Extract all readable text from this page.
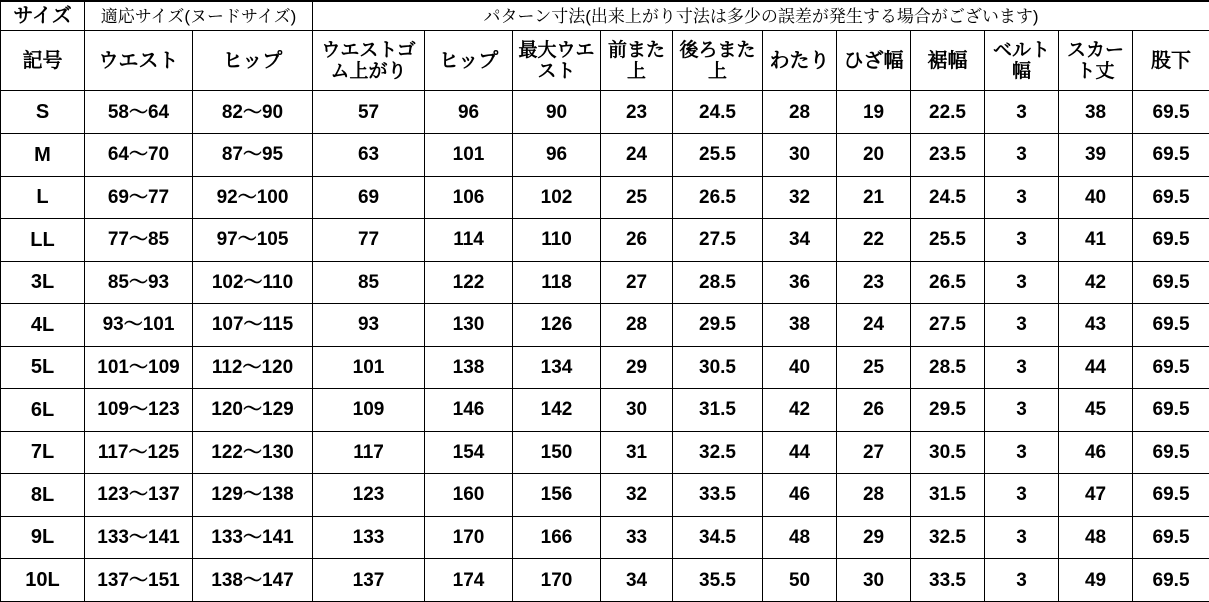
サイズ	適応サイズ(ヌードサイズ)		パターン寸法(出来上がり寸法は多少の誤差が発生する場合がございます)										
記号	ウエスト	ヒップ	ウエストゴム上がり	ヒップ	最大ウエスト	前また上	後ろまた上	わたり	ひざ幅	裾幅	ベルト幅	スカート丈	股下
S	58〜64	82〜90	57	96	90	23	24.5	28	19	22.5	3	38	69.5
M	64〜70	87〜95	63	101	96	24	25.5	30	20	23.5	3	39	69.5
L	69〜77	92〜100	69	106	102	25	26.5	32	21	24.5	3	40	69.5
LL	77〜85	97〜105	77	114	110	26	27.5	34	22	25.5	3	41	69.5
3L	85〜93	102〜110	85	122	118	27	28.5	36	23	26.5	3	42	69.5
4L	93〜101	107〜115	93	130	126	28	29.5	38	24	27.5	3	43	69.5
5L	101〜109	112〜120	101	138	134	29	30.5	40	25	28.5	3	44	69.5
6L	109〜123	120〜129	109	146	142	30	31.5	42	26	29.5	3	45	69.5
7L	117〜125	122〜130	117	154	150	31	32.5	44	27	30.5	3	46	69.5
8L	123〜137	129〜138	123	160	156	32	33.5	46	28	31.5	3	47	69.5
9L	133〜141	133〜141	133	170	166	33	34.5	48	29	32.5	3	48	69.5
10L	137〜151	138〜147	137	174	170	34	35.5	50	30	33.5	3	49	69.5
